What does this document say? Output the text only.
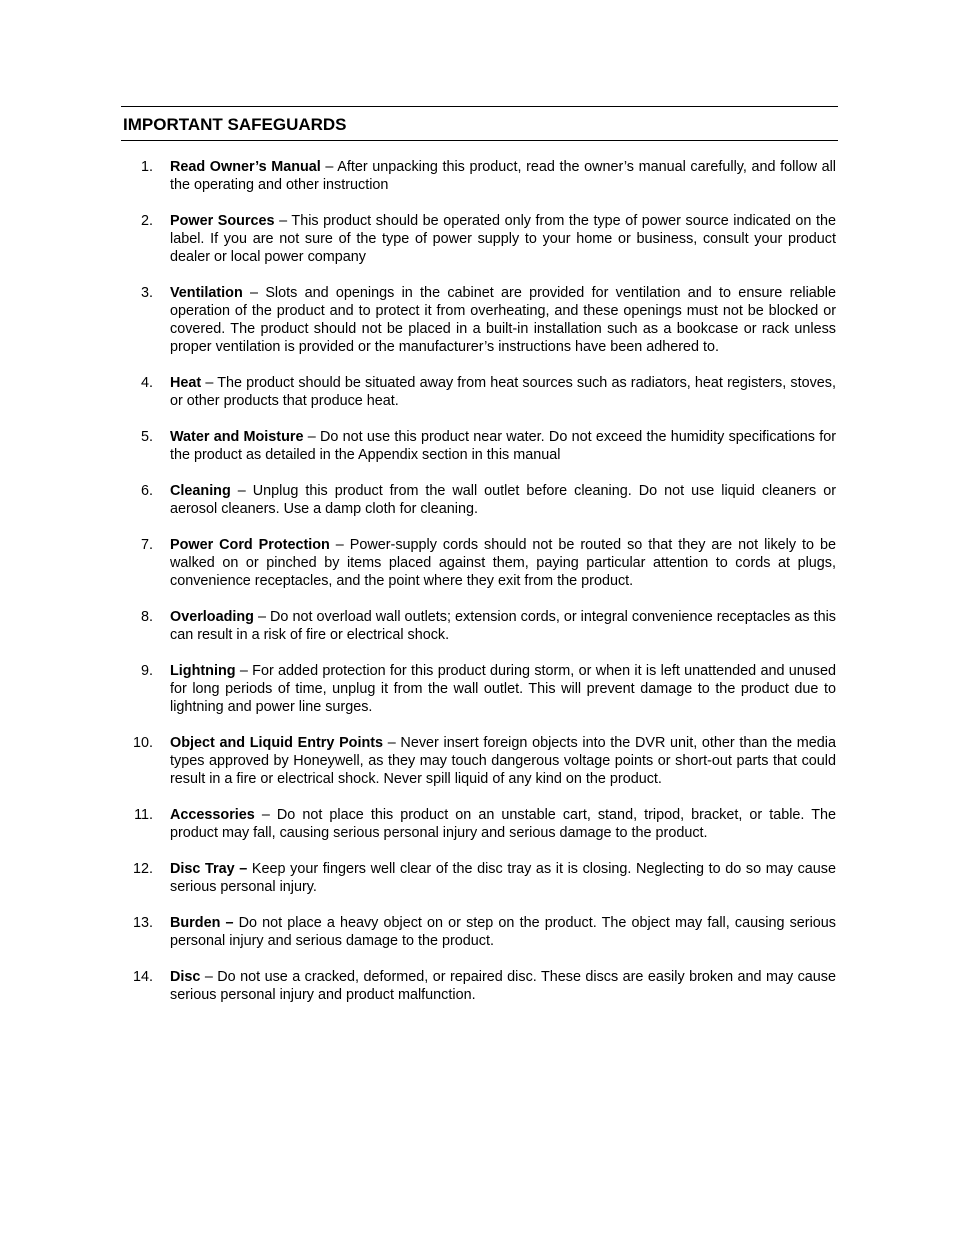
IMPORTANT SAFEGUARDS
1. Read Owner’s Manual – After unpacking this product, read the owner’s manual carefully, and follow all the operating and other instruction
2. Power Sources – This product should be operated only from the type of power source indicated on the label. If you are not sure of the type of power supply to your home or business, consult your product dealer or local power company
3. Ventilation – Slots and openings in the cabinet are provided for ventilation and to ensure reliable operation of the product and to protect it from overheating, and these openings must not be blocked or covered. The product should not be placed in a built-in installation such as a bookcase or rack unless proper ventilation is provided or the manufacturer’s instructions have been adhered to.
4. Heat – The product should be situated away from heat sources such as radiators, heat registers, stoves, or other products that produce heat.
5. Water and Moisture – Do not use this product near water. Do not exceed the humidity specifications for the product as detailed in the Appendix section in this manual
6. Cleaning – Unplug this product from the wall outlet before cleaning. Do not use liquid cleaners or aerosol cleaners. Use a damp cloth for cleaning.
7. Power Cord Protection – Power-supply cords should not be routed so that they are not likely to be walked on or pinched by items placed against them, paying particular attention to cords at plugs, convenience receptacles, and the point where they exit from the product.
8. Overloading – Do not overload wall outlets; extension cords, or integral convenience receptacles as this can result in a risk of fire or electrical shock.
9. Lightning – For added protection for this product during storm, or when it is left unattended and unused for long periods of time, unplug it from the wall outlet. This will prevent damage to the product due to lightning and power line surges.
10. Object and Liquid Entry Points – Never insert foreign objects into the DVR unit, other than the media types approved by Honeywell, as they may touch dangerous voltage points or short-out parts that could result in a fire or electrical shock. Never spill liquid of any kind on the product.
11. Accessories – Do not place this product on an unstable cart, stand, tripod, bracket, or table. The product may fall, causing serious personal injury and serious damage to the product.
12. Disc Tray – Keep your fingers well clear of the disc tray as it is closing. Neglecting to do so may cause serious personal injury.
13. Burden – Do not place a heavy object on or step on the product. The object may fall, causing serious personal injury and serious damage to the product.
14. Disc – Do not use a cracked, deformed, or repaired disc. These discs are easily broken and may cause serious personal injury and product malfunction.
